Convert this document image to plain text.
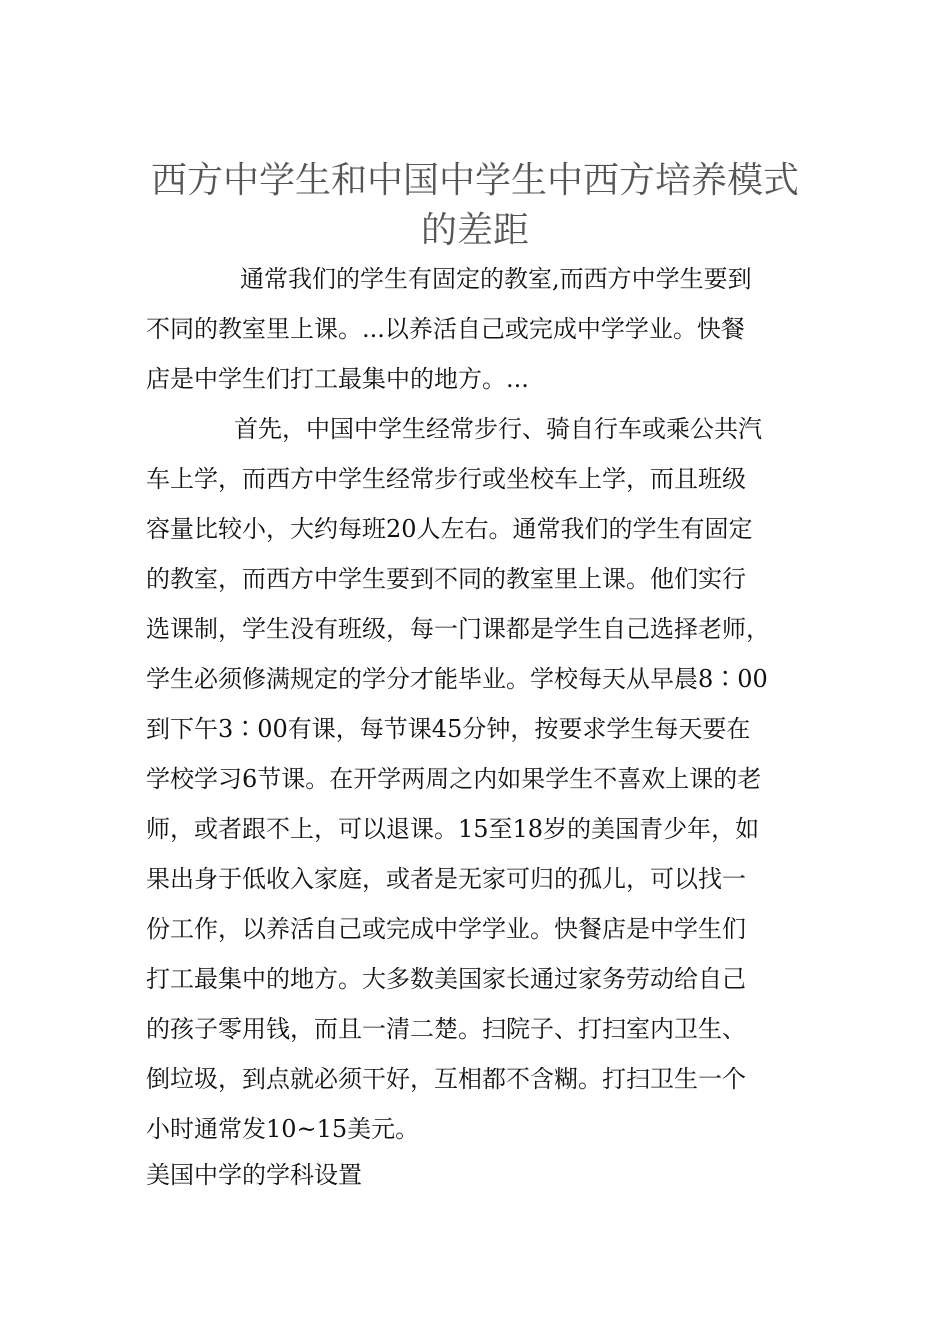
西方中学生和中国中学生中西方培养模式
的差距

通常我们的学生有固定的教室,而西方中学生要到

不同的教室里上课。...以养活自己或完成中学学业。快餐

店是中学生们打工最集中的地方。...

首先，中国中学生经常步行、骑自行车或乘公共汽

车上学，而西方中学生经常步行或坐校车上学，而且班级

容量比较小，大约每班20人左右。通常我们的学生有固定

的教室，而西方中学生要到不同的教室里上课。他们实行

选课制，学生没有班级，每一门课都是学生自己选择老师，

学生必须修满规定的学分才能毕业。学校每天从早晨8∶00

到下午3∶00有课，每节课45分钟，按要求学生每天要在

学校学习6节课。在开学两周之内如果学生不喜欢上课的老

师，或者跟不上，可以退课。15至18岁的美国青少年，如

果出身于低收入家庭，或者是无家可归的孤儿，可以找一

份工作，以养活自己或完成中学学业。快餐店是中学生们

打工最集中的地方。大多数美国家长通过家务劳动给自己

的孩子零用钱，而且一清二楚。扫院子、打扫室内卫生、

倒垃圾，到点就必须干好，互相都不含糊。打扫卫生一个

小时通常发10~15美元。

美国中学的学科设置
